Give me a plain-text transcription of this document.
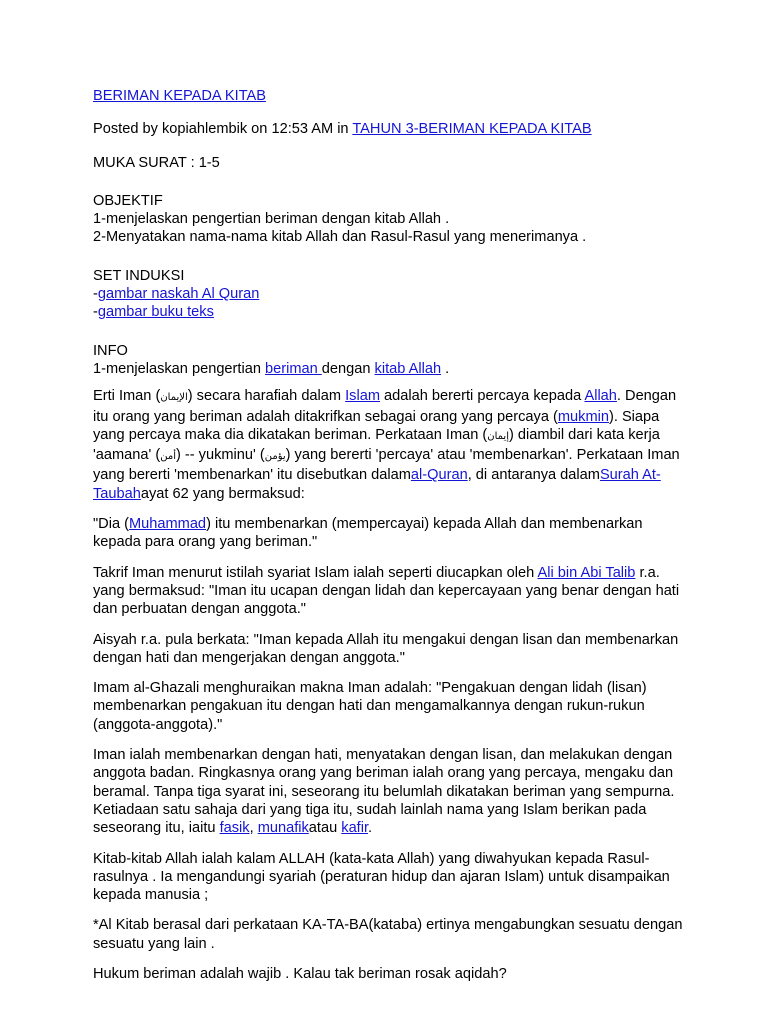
BERIMAN KEPADA KITAB

Posted by kopiahlembik on 12:53 AM in TAHUN 3-BERIMAN KEPADA KITAB

MUKA SURAT : 1-5

OBJEKTIF

1-menjelaskan pengertian beriman dengan kitab Allah .

2-Menyatakan nama-nama kitab Allah dan Rasul-Rasul yang menerimanya .

SET INDUKSI

-gambar naskah Al Quran

-gambar buku teks

INFO

1-menjelaskan pengertian beriman dengan kitab Allah .

Erti Iman (الإيمان) secara harafiah dalam Islam adalah bererti percaya kepada Allah. Dengan itu orang yang beriman adalah ditakrifkan sebagai orang yang percaya (mukmin). Siapa yang percaya maka dia dikatakan beriman. Perkataan Iman (إيمان) diambil dari kata kerja 'aamana' (أمن) -- yukminu' (يؤمن) yang bererti 'percaya' atau 'membenarkan'. Perkataan Iman yang bererti 'membenarkan' itu disebutkan dalamal-Quran, di antaranya dalamSurah At-Taubahayat 62 yang bermaksud:

"Dia (Muhammad) itu membenarkan (mempercayai) kepada Allah dan membenarkan kepada para orang yang beriman."

Takrif Iman menurut istilah syariat Islam ialah seperti diucapkan oleh Ali bin Abi Talib r.a. yang bermaksud: "Iman itu ucapan dengan lidah dan kepercayaan yang benar dengan hati dan perbuatan dengan anggota."

Aisyah r.a. pula berkata: "Iman kepada Allah itu mengakui dengan lisan dan membenarkan dengan hati dan mengerjakan dengan anggota."

Imam al-Ghazali menghuraikan makna Iman adalah: "Pengakuan dengan lidah (lisan) membenarkan pengakuan itu dengan hati dan mengamalkannya dengan rukun-rukun (anggota-anggota)."

Iman ialah membenarkan dengan hati, menyatakan dengan lisan, dan melakukan dengan anggota badan. Ringkasnya orang yang beriman ialah orang yang percaya, mengaku dan beramal. Tanpa tiga syarat ini, seseorang itu belumlah dikatakan beriman yang sempurna. Ketiadaan satu sahaja dari yang tiga itu, sudah lainlah nama yang Islam berikan pada seseorang itu, iaitu fasik, munafikatau kafir.

Kitab-kitab Allah ialah kalam ALLAH (kata-kata Allah) yang diwahyukan kepada Rasul-rasulnya . Ia mengandungi syariah (peraturan hidup dan ajaran Islam) untuk disampaikan kepada manusia ;

*Al Kitab berasal dari perkataan KA-TA-BA(kataba) ertinya mengabungkan sesuatu dengan sesuatu yang lain .

Hukum beriman adalah wajib . Kalau tak beriman rosak aqidah?
